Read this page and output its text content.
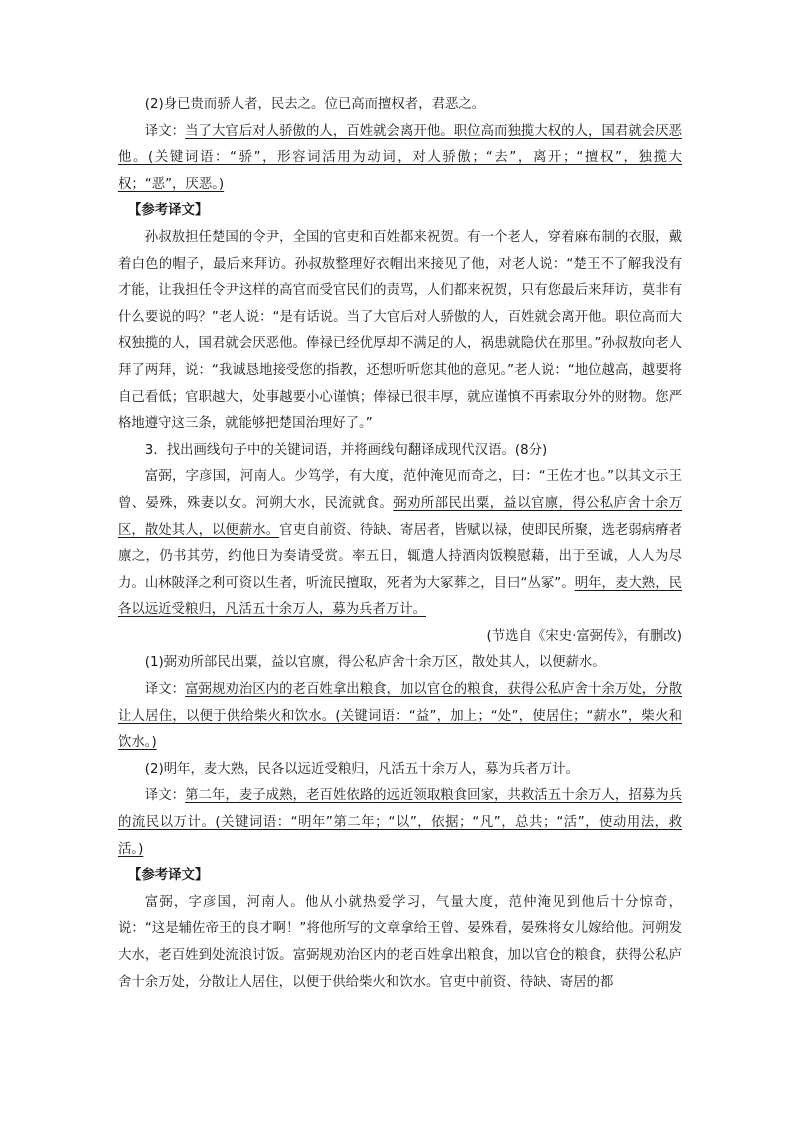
(2)身已贵而骄人者，民去之。位已高而擅权者，君恶之。

译文：当了大官后对人骄傲的人，百姓就会离开他。职位高而独揽大权的人，国君就会厌恶他。(关键词语：“骄”，形容词活用为动词，对人骄傲；“去”，离开；“擅权”，独揽大权；“恶”，厌恶。)

【参考译文】

孙叔敖担任楚国的令尹，全国的官吏和百姓都来祝贺。有一个老人，穿着麻布制的衣服，戴着白色的帽子，最后来拜访。孙叔敖整理好衣帽出来接见了他，对老人说：“楚王不了解我没有才能，让我担任令尹这样的高官而受官民们的责骂，人们都来祝贺，只有您最后来拜访，莫非有什么要说的吗？”老人说：“是有话说。当了大官后对人骄傲的人，百姓就会离开他。职位高而大权独揽的人，国君就会厌恶他。俸禄已经优厚却不满足的人，祸患就隐伏在那里。”孙叔敖向老人拜了两拜，说：“我诚恳地接受您的指教，还想听听您其他的意见。”老人说：“地位越高，越要将自己看低；官职越大，处事越要小心谨慎；俸禄已很丰厚，就应谨慎不再索取分外的财物。您严格地遵守这三条，就能够把楚国治理好了。”

3．找出画线句子中的关键词语，并将画线句翻译成现代汉语。(8分)

富弼，字彦国，河南人。少笃学，有大度，范仲淹见而奇之，曰：“王佐才也。”以其文示王曾、晏殊，殊妻以女。河朔大水，民流就食。弼劝所部民出粟，益以官廪，得公私庐舍十余万区，散处其人，以便薪水。官吏自前资、待缺、寄居者，皆赋以禄，使即民所聚，选老弱病瘠者廪之，仍书其劳，约他日为奏请受赏。率五日，辄遣人持酒肉饭糗慰藉，出于至诚，人人为尽力。山林陂泽之利可资以生者，听流民擅取，死者为大冢葬之，目曰“丛冢”。明年，麦大熟，民各以远近受粮归，凡活五十余万人，募为兵者万计。

(节选自《宋史·富弼传》，有删改)

(1)弼劝所部民出粟，益以官廪，得公私庐舍十余万区，散处其人，以便薪水。

译文：富弼规劝治区内的老百姓拿出粮食，加以官仓的粮食，获得公私庐舍十余万处，分散让人居住，以便于供给柴火和饮水。(关键词语：“益”，加上；“处”，使居住；“薪水”，柴火和饮水。)

(2)明年，麦大熟，民各以远近受粮归，凡活五十余万人，募为兵者万计。

译文：第二年，麦子成熟，老百姓依路的远近领取粮食回家，共救活五十余万人，招募为兵的流民以万计。(关键词语：“明年”第二年；“以”，依据；“凡”，总共；“活”，使动用法，救活。)

【参考译文】

富弼，字彦国，河南人。他从小就热爱学习，气量大度，范仲淹见到他后十分惊奇，说：“这是辅佐帝王的良才啊！”将他所写的文章拿给王曾、晏殊看，晏殊将女儿嫁给他。河朔发大水，老百姓到处流浪讨饭。富弼规劝治区内的老百姓拿出粮食，加以官仓的粮食，获得公私庐舍十余万处，分散让人居住，以便于供给柴火和饮水。官吏中前资、待缺、寄居的都
